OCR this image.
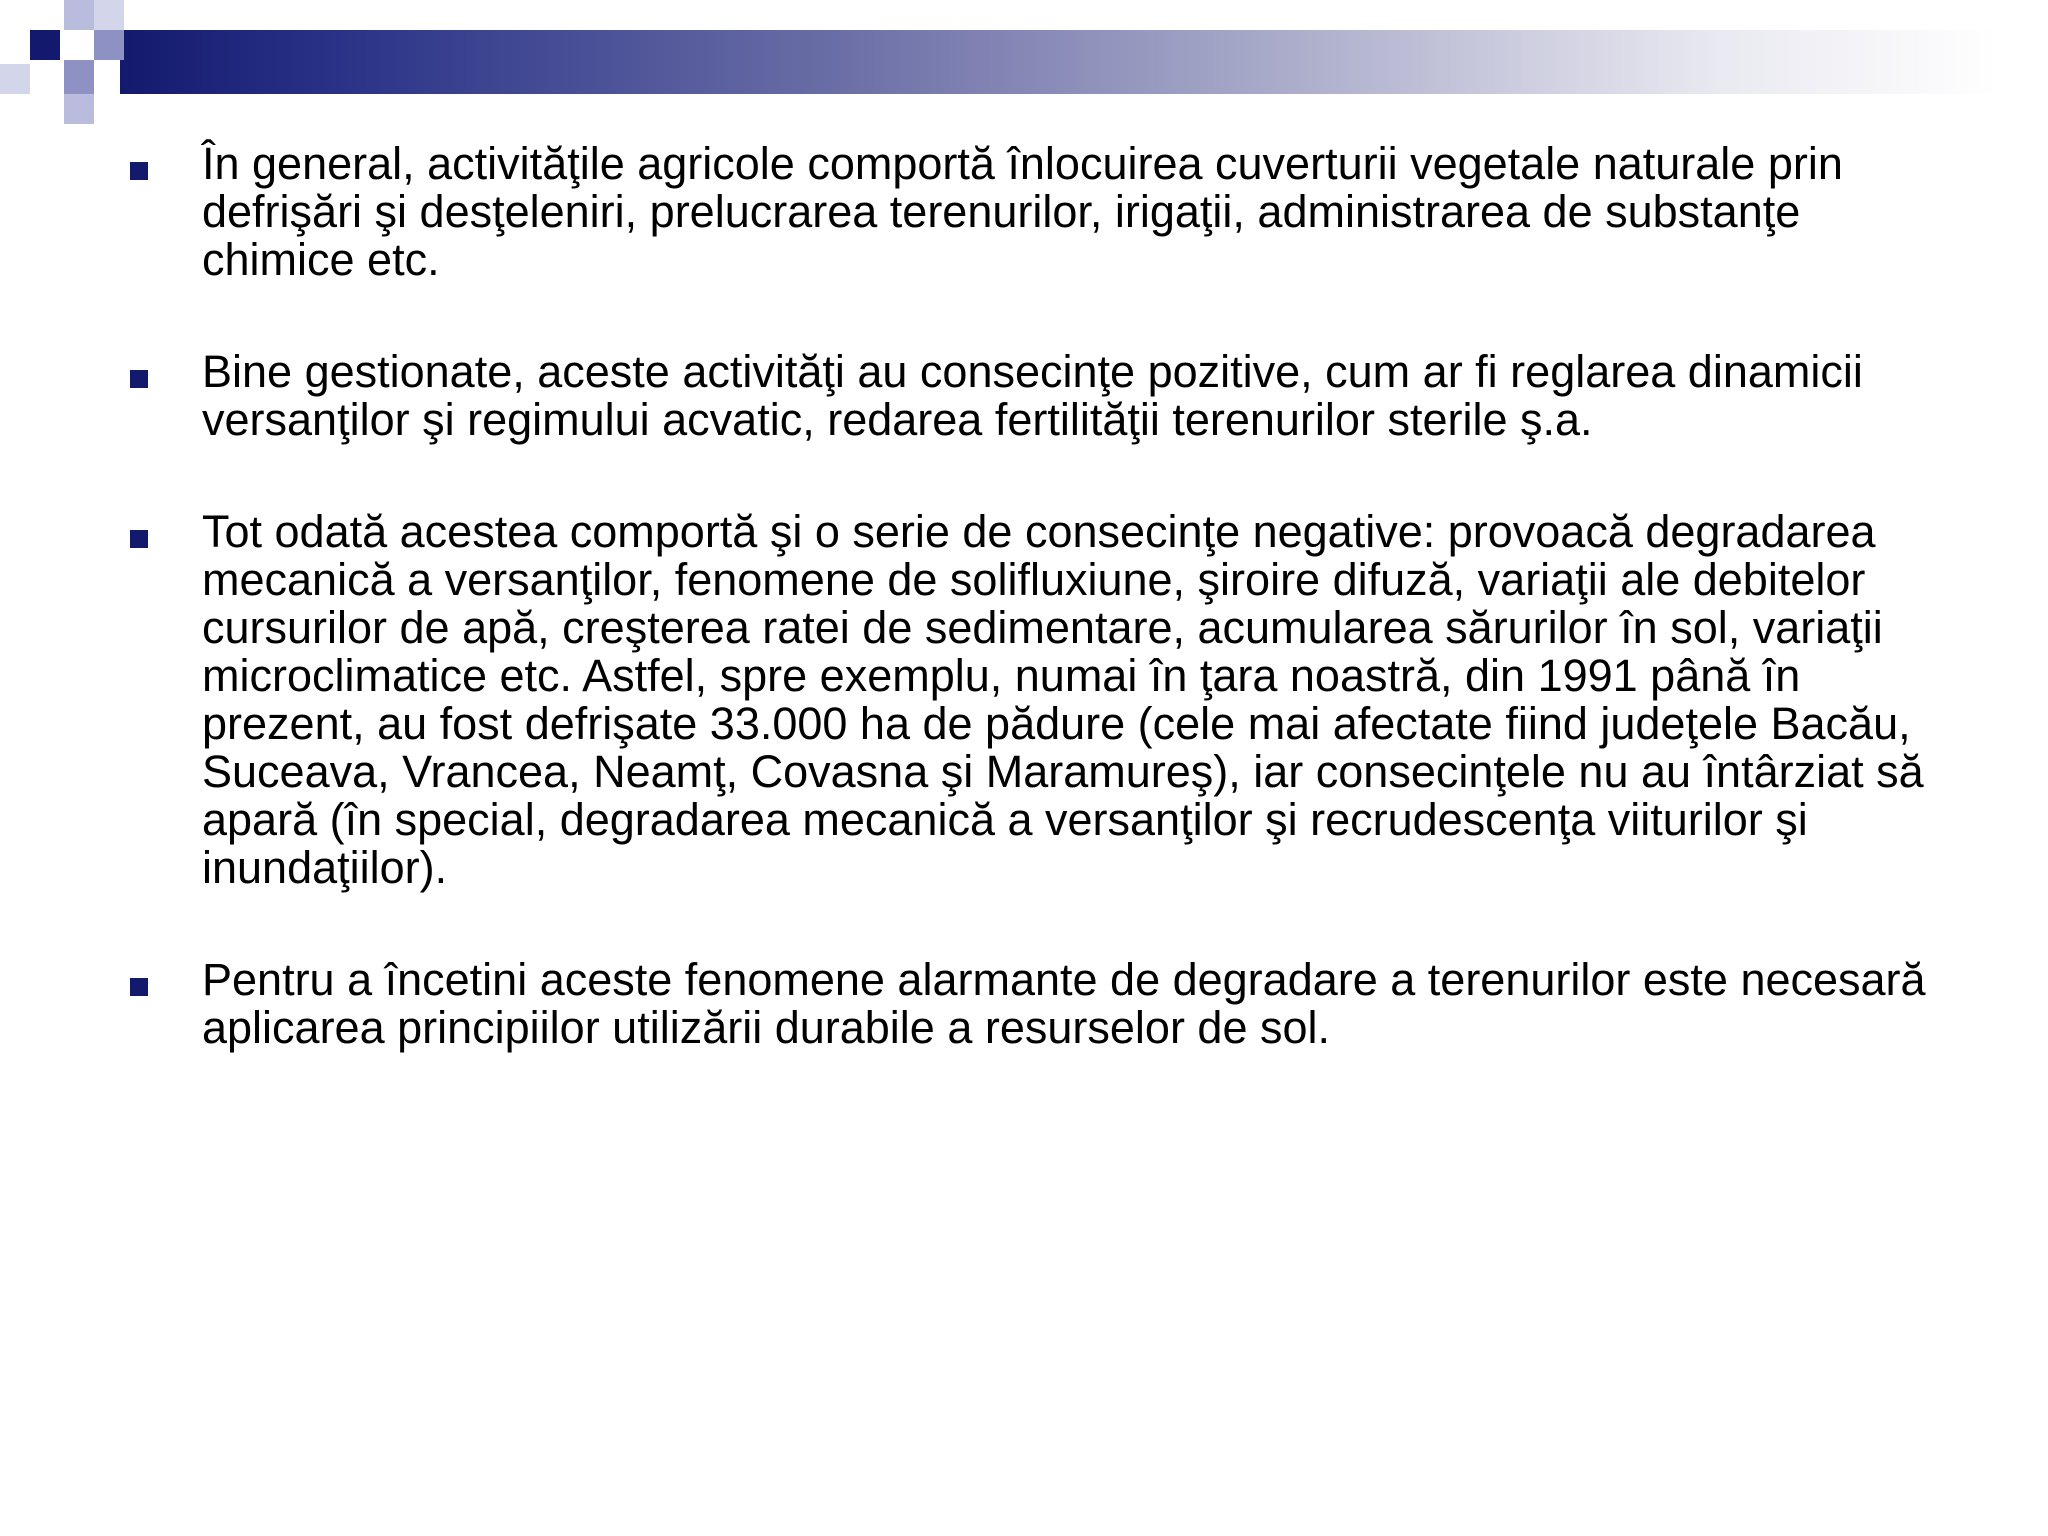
În general, activităţile agricole comportă înlocuirea cuverturii vegetale naturale prin defrişări şi desţeleniri, prelucrarea terenurilor, irigaţii, administrarea de substanţe chimice etc.
Bine gestionate, aceste activităţi au consecinţe pozitive, cum ar fi reglarea dinamicii versanţilor şi regimului acvatic, redarea fertilităţii terenurilor sterile ş.a.
Tot odată acestea comportă şi o serie de consecinţe negative: provoacă degradarea mecanică a versanţilor, fenomene de solifluxiune, şiroire difuză, variaţii ale debitelor cursurilor de apă, creşterea ratei de sedimentare, acumularea sărurilor în sol, variaţii microclimatice etc. Astfel, spre exemplu, numai în ţara noastră, din 1991 până în prezent, au fost defrişate 33.000 ha de pădure (cele mai afectate fiind judeţele Bacău, Suceava, Vrancea, Neamţ, Covasna şi Maramureş), iar consecinţele nu au întârziat să apară (în special, degradarea mecanică a versanţilor şi recrudescenţa viiturilor şi inundaţiilor).
Pentru a încetini aceste fenomene alarmante de degradare a terenurilor este necesară aplicarea principiilor utilizării durabile a resurselor de sol.
